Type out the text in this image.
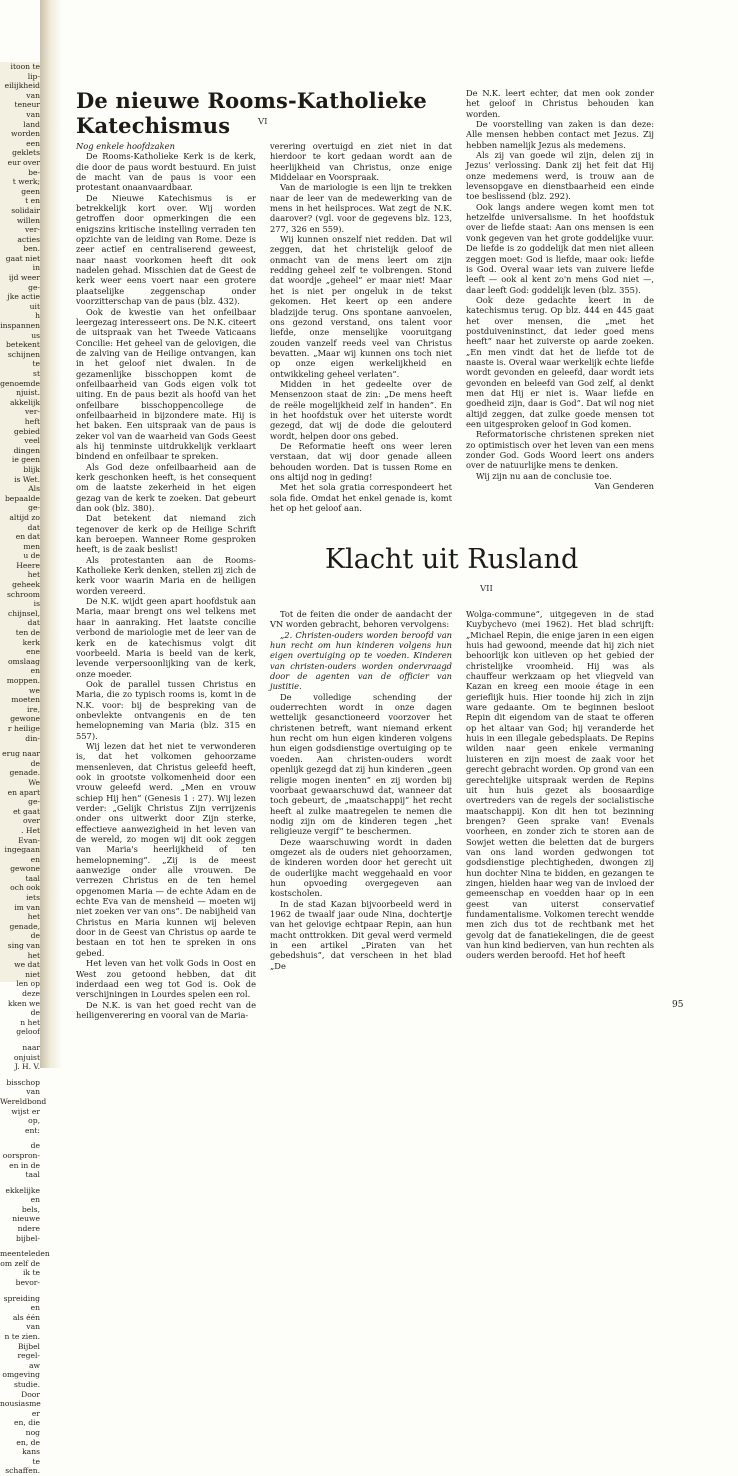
itoon te lip-
eilijkheid van
teneur van
land worden
een geklets
eur over be-
t werk; geen
t en solidair
willen ver-
acties ben.
gaat niet in
ijd weer ge-
jke actie uit
h inspannen
us betekent
schijnen te
st genoemde
njuist.
akkelijk ver-
heft gebied
veel dingen
ie geen blijk
is Wet. Als
bepaalde ge-
altijd zo dat
en dat men
u de Heere
het geheek
schroom is
chijnsel, dat
ten de kerk
ene omslaag
en moppen.
we moeten
ire, gewone
r heilige din-

erug naar de
genade. We
en apart ge-
et gaat over
. Het Evan-
ingegaan en
gewone taal
och ook iets
im van het
genade, de
sing van het
we dat niet
len op deze
kken we de
n het geloof

naar onjuist
J. H. V.

bisschop van
Wereldbond
wijst er op,
ent:

de oorspron-
en in de taal

ekkelijke en
bels, nieuwe
ndere bijbel-

meenteleden
om zelf de
ik te bevor-

spreiding en
als één van
n te zien.
Bijbel regel-
aw omgeving
studie. Door
nousiasme er
en, die nog
en, de kans
te schaffen.

De nieuwe Rooms-Katholieke Katechismus	VI

Nog enkele hoofdzaken

De Rooms-Katholieke Kerk is de kerk, die door de paus wordt bestuurd. En juist de macht van de paus is voor een protestant onaanvaardbaar.

De Nieuwe Katechismus is er betrekkelijk kort over. Wij worden getroffen door opmerkingen die een enigszins kritische instelling verraden ten opzichte van de leiding van Rome. Deze is zeer actief en centraliserend geweest, naar naast voorkomen heeft dit ook nadelen gehad. Misschien dat de Geest de kerk weer eens voert naar een grotere plaatselijke zeggenschap onder voorzitterschap van de paus (blz. 432).

Ook de kwestie van het onfeilbaar leergezag interesseert ons. De N.K. citeert de uitspraak van het Tweede Vaticaans Concilie: Het geheel van de gelovigen, die de zalving van de Heilige ontvangen, kan in het geloof niet dwalen. In de gezamenlijke bisschoppen komt de onfeilbaarheid van Gods eigen volk tot uiting. En de paus bezit als hoofd van het onfeilbare bisschoppencollege de onfeilbaarheid in bijzondere mate. Hij is het baken. Een uitspraak van de paus is zeker vol van de waarheid van Gods Geest als hij tenminste uitdrukkelijk verklaart bindend en onfeilbaar te spreken.

Als God deze onfeilbaarheid aan de kerk geschonken heeft, is het consequent om de laatste zekerheid in het eigen gezag van de kerk te zoeken. Dat gebeurt dan ook (blz. 380).

Dat betekent dat niemand zich tegenover de kerk op de Heilige Schrift kan beroepen. Wanneer Rome gesproken heeft, is de zaak beslist!

Als protestanten aan de Rooms-Katholieke Kerk denken, stellen zij zich de kerk voor waarin Maria en de heiligen worden vereerd.

De N.K. wijdt geen apart hoofdstuk aan Maria, maar brengt ons wel telkens met haar in aanraking. Het laatste concilie verbond de mariologie met de leer van de kerk en de katechismus volgt dit voorbeeld. Maria is beeld van de kerk, levende verpersoonlijking van de kerk, onze moeder.

Ook de parallel tussen Christus en Maria, die zo typisch rooms is, komt in de N.K. voor: bij de bespreking van de onbevlekte ontvangenis en de ten hemelopneming van Maria (blz. 315 en 557).

Wij lezen dat het niet te verwonderen is, dat het volkomen gehoorzame mensenleven, dat Christus geleefd heeft, ook in grootste volkomenheid door een vrouw geleefd werd. „Men en vrouw schiep Hij hen” (Genesis 1 : 27). Wij lezen verder: „Gelijk Christus Zijn verrijzenis onder ons uitwerkt door Zijn sterke, effectieve aanwezigheid in het leven van de wereld, zo mogen wij dit ook zeggen van Maria's heerlijkheid of ten hemelopneming”. „Zij is de meest aanwezige onder alle vrouwen. De verrezen Christus en de ten hemel opgenomen Maria — de echte Adam en de echte Eva van de mensheid — moeten wij niet zoeken ver van ons”. De nabijheid van Christus en Maria kunnen wij beleven door in de Geest van Christus op aarde te bestaan en tot hen te spreken in ons gebed.

Het leven van het volk Gods in Oost en West zou getoond hebben, dat dit inderdaad een weg tot God is. Ook de verschijningen in Lourdes spelen een rol.

De N.K. is van het goed recht van de heiligenverering en vooral van de Maria-

verering overtuigd en ziet niet in dat hierdoor te kort gedaan wordt aan de heerlijkheid van Christus, onze enige Middelaar en Voorspraak.

Van de mariologie is een lijn te trekken naar de leer van de medewerking van de mens in het heilsproces. Wat zegt de N.K. daarover? (vgl. voor de gegevens blz. 123, 277, 326 en 559).

Wij kunnen onszelf niet redden. Dat wil zeggen, dat het christelijk geloof de onmacht van de mens leert om zijn redding geheel zelf te volbrengen. Stond dat woordje „geheel” er maar niet! Maar het is niet per ongeluk in de tekst gekomen. Het keert op een andere bladzijde terug. Ons spontane aanvoelen, ons gezond verstand, ons talent voor liefde, onze menselijke vooruitgang zouden vanzelf reeds veel van Christus bevatten. „Maar wij kunnen ons toch niet op onze eigen werkelijkheid en ontwikkeling geheel verlaten”.

Midden in het gedeelte over de Mensenzoon staat de zin: „De mens heeft de reële mogelijkheid zelf in handen”. En in het hoofdstuk over het uiterste wordt gezegd, dat wij de dode die gelouterd wordt, helpen door ons gebed.

De Reformatie heeft ons weer leren verstaan, dat wij door genade alleen behouden worden. Dat is tussen Rome en ons altijd nog in geding!

Met het sola gratia correspondeert het sola fide. Omdat het enkel genade is, komt het op het geloof aan.

De N.K. leert echter, dat men ook zonder het geloof in Christus behouden kan worden.

De voorstelling van zaken is dan deze: Alle mensen hebben contact met Jezus. Zij hebben namelijk Jezus als medemens.

Als zij van goede wil zijn, delen zij in Jezus' verlossing. Dank zij het feit dat Hij onze medemens werd, is trouw aan de levensopgave en dienstbaarheid een einde toe beslissend (blz. 292).

Ook langs andere wegen komt men tot hetzelfde universalisme. In het hoofdstuk over de liefde staat: Aan ons mensen is een vonk gegeven van het grote goddelijke vuur. De liefde is zo goddelijk dat men niet alleen zeggen moet: God is liefde, maar ook: liefde is God. Overal waar iets van zuivere liefde leeft — ook al kent zo'n mens God niet —, daar leeft God: goddelijk leven (blz. 355).

Ook deze gedachte keert in de katechismus terug. Op blz. 444 en 445 gaat het over mensen, die „met het postduiveninstinct, dat ieder goed mens heeft” naar het zuiverste op aarde zoeken. „En men vindt dat het de liefde tot de naaste is. Overal waar werkelijk echte liefde wordt gevonden en geleefd, daar wordt iets gevonden en beleefd van God zelf, al denkt men dat Hij er niet is. Waar liefde en goedheid zijn, daar is God”. Dat wil nog niet altijd zeggen, dat zulke goede mensen tot een uitgesproken geloof in God komen.

Reformatorische christenen spreken niet zo optimistisch over het leven van een mens zonder God. Gods Woord leert ons anders over de natuurlijke mens te denken.

Wij zijn nu aan de conclusie toe.

Van Genderen

Klacht uit Rusland
VII

Tot de feiten die onder de aandacht der VN worden gebracht, behoren vervolgens:

„2. Christen-ouders worden beroofd van hun recht om hun kinderen volgens hun eigen overtuiging op te voeden. Kinderen van christen-ouders worden ondervraagd door de agenten van de officier van justitie.

De volledige schending der ouderrechten wordt in onze dagen wettelijk gesanctioneerd voorzover het christenen betreft, want niemand erkent hun recht om hun eigen kinderen volgens hun eigen godsdienstige overtuiging op te voeden. Aan christen-ouders wordt openlijk gezegd dat zij hun kinderen „geen religie mogen inenten” en zij worden bij voorbaat gewaarschuwd dat, wanneer dat toch gebeurt, de „maatschappij” het recht heeft al zulke maatregelen te nemen die nodig zijn om de kinderen tegen „het religieuze vergif” te beschermen.

Deze waarschuwing wordt in daden omgezet als de ouders niet gehoorzamen, de kinderen worden door het gerecht uit de ouderlijke macht weggehaald en voor hun opvoeding overgegeven aan kostscholen.

In de stad Kazan bijvoorbeeld werd in 1962 de twaalf jaar oude Nina, dochtertje van het gelovige echtpaar Repin, aan hun macht onttrokken. Dit geval werd vermeld in een artikel „Piraten van het gebedshuis”, dat verscheen in het blad „De

Wolga-commune”, uitgegeven in de stad Kuybychevo (mei 1962). Het blad schrijft: „Michael Repin, die enige jaren in een eigen huis had gewoond, meende dat hij zich niet behoorlijk kon uitleven op het gebied der christelijke vroomheid. Hij was als chauffeur werkzaam op het vliegveld van Kazan en kreeg een mooie étage in een gerieflijk huis. Hier toonde hij zich in zijn ware gedaante. Om te beginnen besloot Repin dit eigendom van de staat te offeren op het altaar van God; hij veranderde het huis in een illegale gebedsplaats. De Repins wilden naar geen enkele vermaning luisteren en zijn moest de zaak voor het gerecht gebracht worden. Op grond van een gerechtelijke uitspraak werden de Repins uit hun huis gezet als boosaardige overtreders van de regels der socialistische maatschappij. Kon dit hen tot bezinning brengen? Geen sprake van! Evenals voorheen, en zonder zich te storen aan de Sowjet wetten die beletten dat de burgers van ons land worden gedwongen tot godsdienstige plechtigheden, dwongen zij hun dochter Nina te bidden, en gezangen te zingen, hielden haar weg van de invloed der gemeenschap en voedden haar op in een geest van uiterst conservatief fundamentalisme. Volkomen terecht wendde men zich dus tot de rechtbank met het gevolg dat de fanatiekelingen, die de geest van hun kind bedierven, van hun rechten als ouders werden beroofd. Het hof heeft

95
